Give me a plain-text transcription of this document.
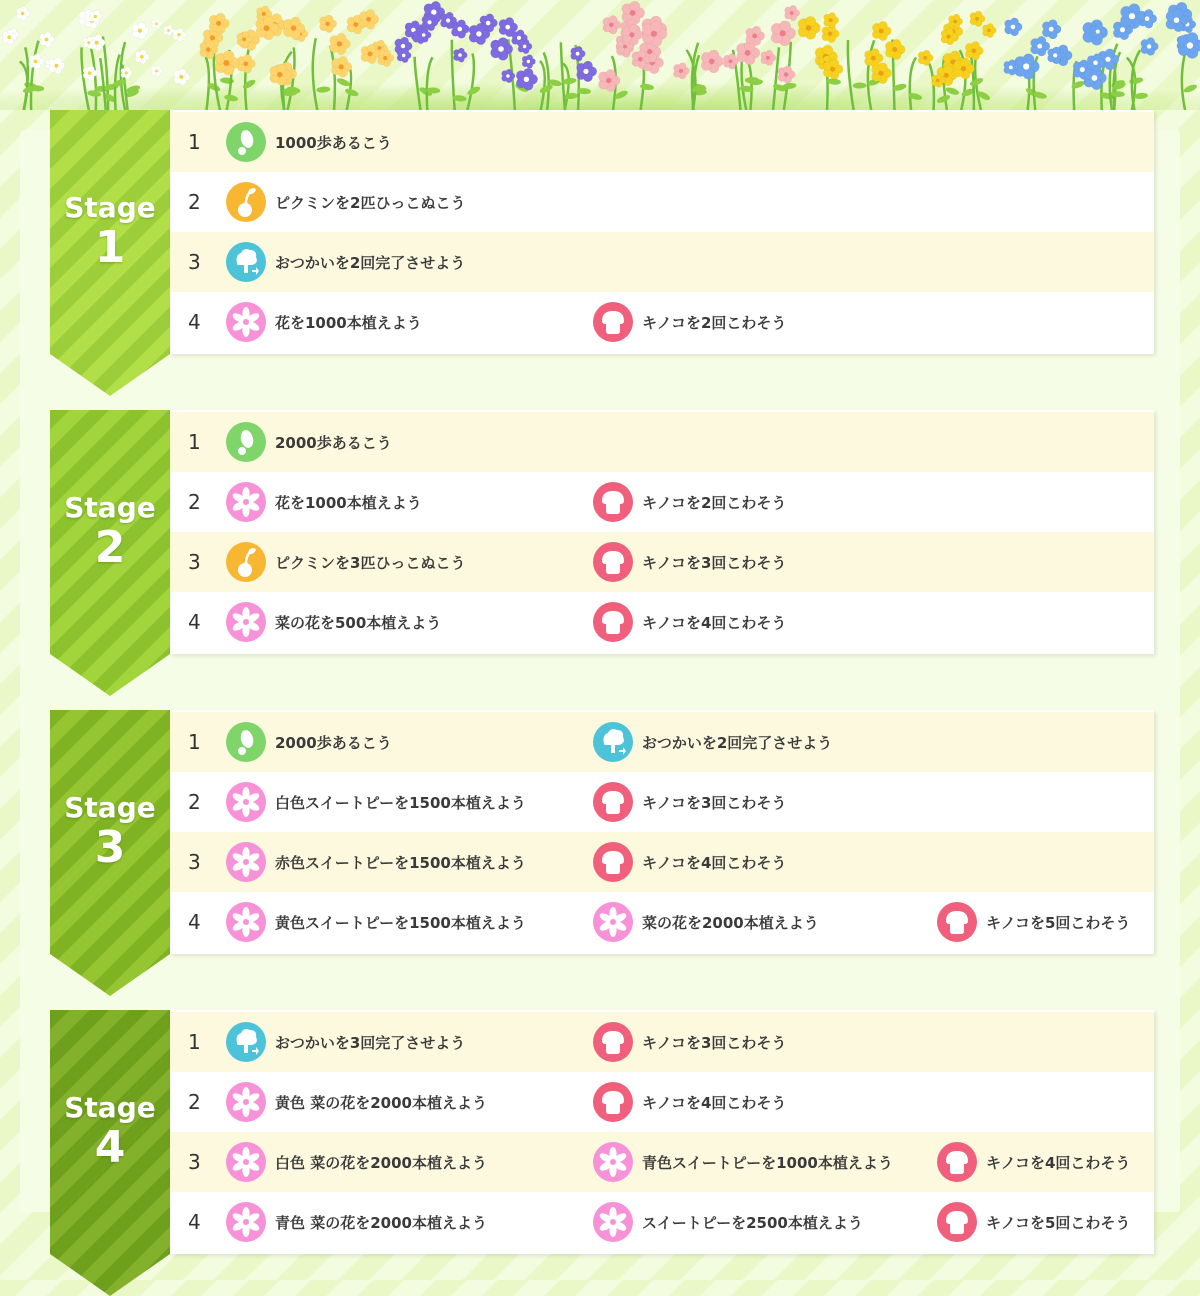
Stage
1
1	1000歩あるこう
2	ピクミンを2匹ひっこぬこう
3	おつかいを2回完了させよう
4	花を1000本植えよう	キノコを2回こわそう
Stage
2
1	2000歩あるこう
2	花を1000本植えよう	キノコを2回こわそう
3	ピクミンを3匹ひっこぬこう	キノコを3回こわそう
4	菜の花を500本植えよう	キノコを4回こわそう
Stage
3
1	2000歩あるこう	おつかいを2回完了させよう
2	白色スイートピーを1500本植えよう	キノコを3回こわそう
3	赤色スイートピーを1500本植えよう	キノコを4回こわそう
4	黄色スイートピーを1500本植えよう	菜の花を2000本植えよう	キノコを5回こわそう
Stage
4
1	おつかいを3回完了させよう	キノコを3回こわそう
2	黄色 菜の花を2000本植えよう	キノコを4回こわそう
3	白色 菜の花を2000本植えよう	青色スイートピーを1000本植えよう	キノコを4回こわそう
4	青色 菜の花を2000本植えよう	スイートピーを2500本植えよう	キノコを5回こわそう
